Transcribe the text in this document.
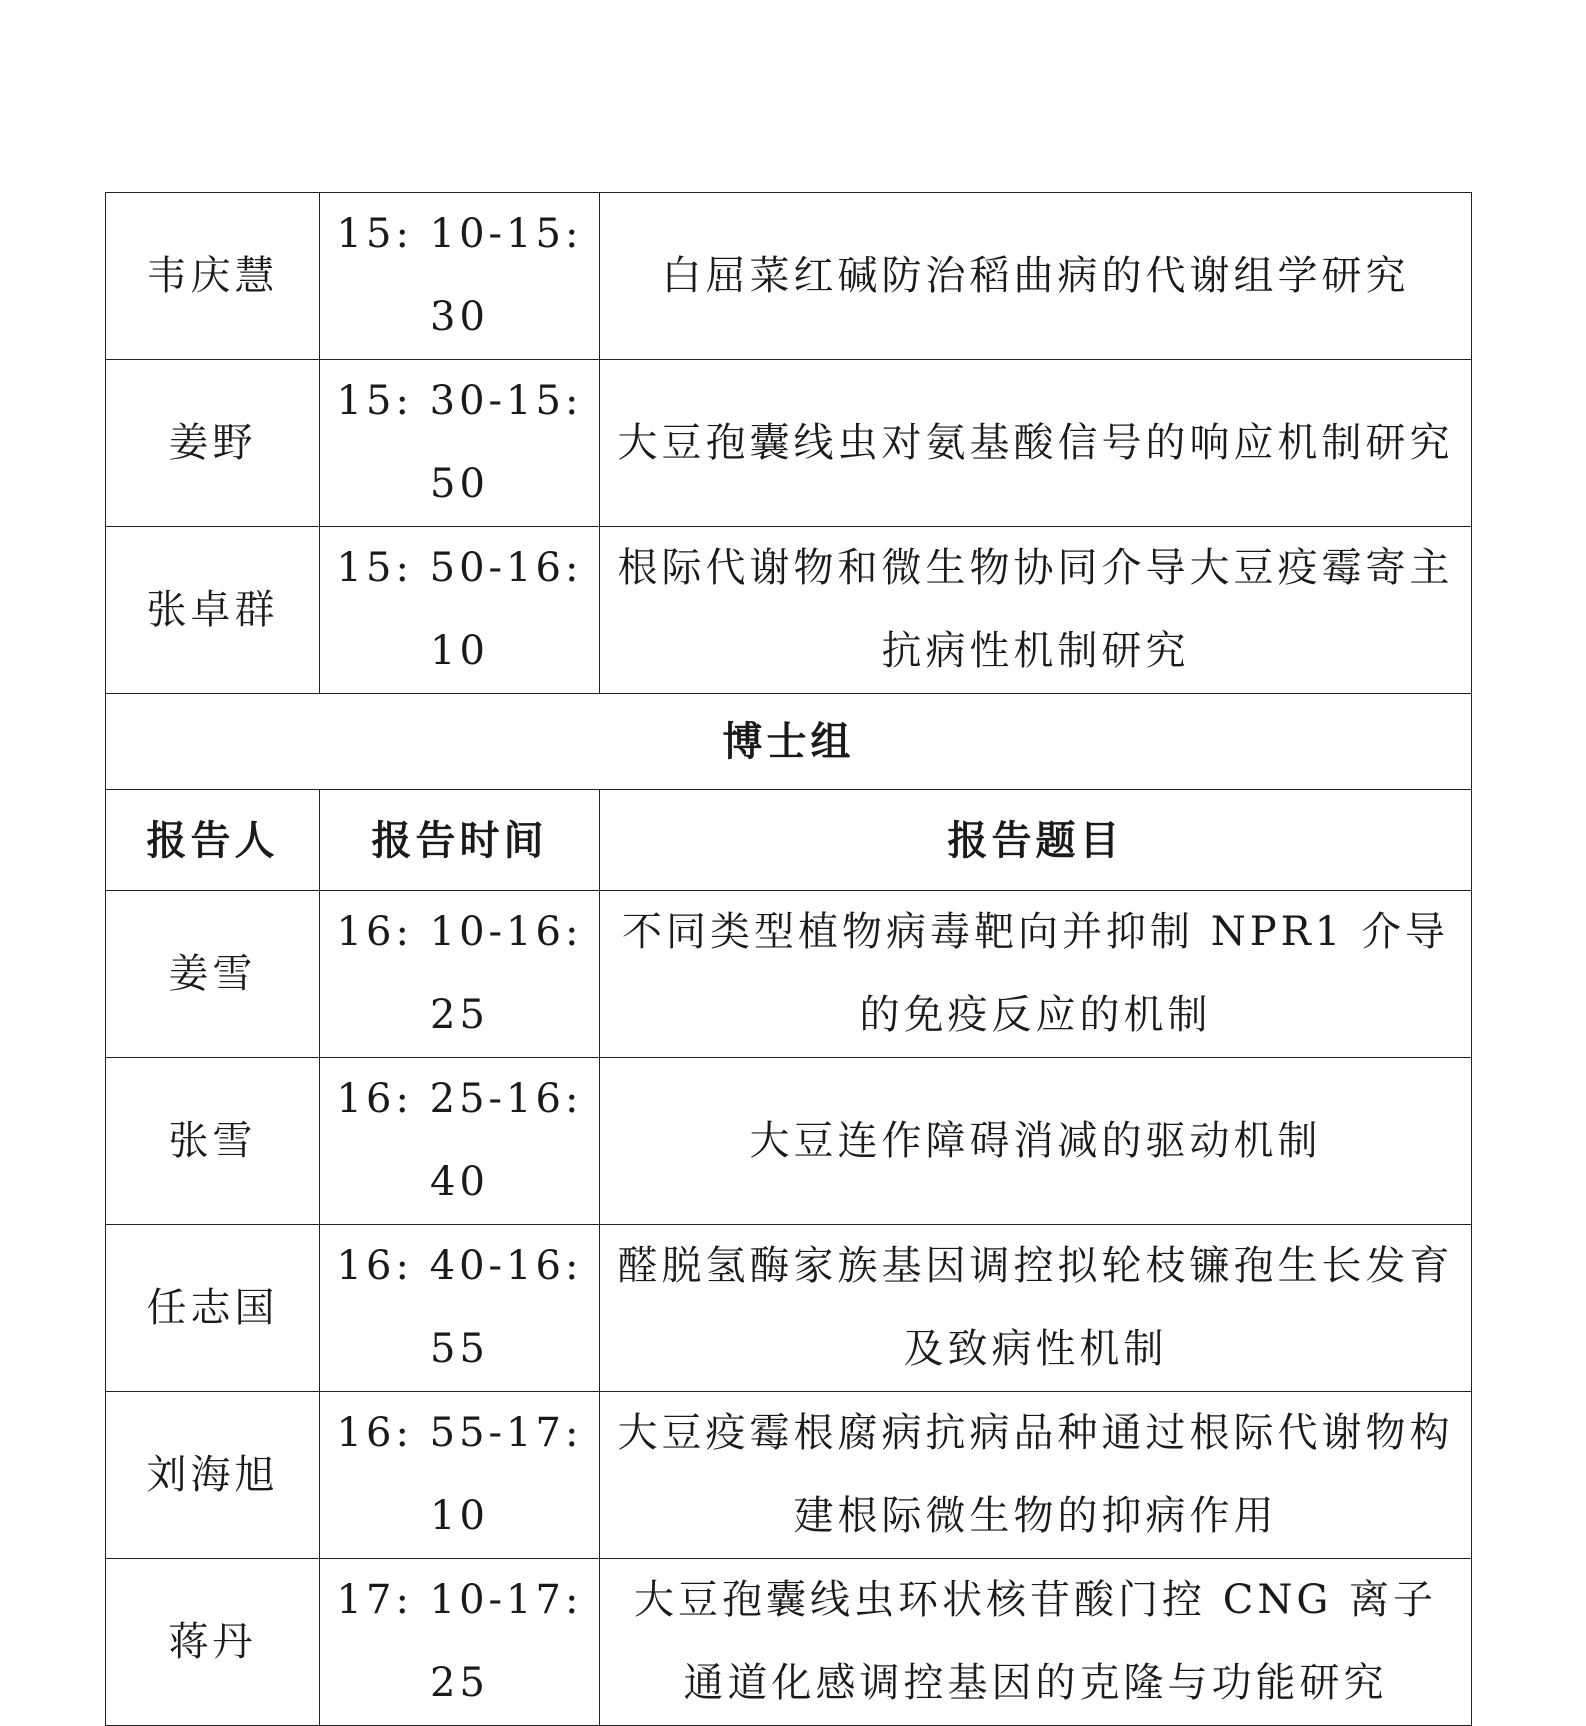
韦庆慧	15: 10-15: 30	白屈菜红碱防治稻曲病的代谢组学研究
姜野	15: 30-15: 50	大豆孢囊线虫对氨基酸信号的响应机制研究
张卓群	15: 50-16: 10	根际代谢物和微生物协同介导大豆疫霉寄主抗病性机制研究
博士组		
报告人	报告时间	报告题目
姜雪	16: 10-16: 25	不同类型植物病毒靶向并抑制 NPR1 介导的免疫反应的机制
张雪	16: 25-16: 40	大豆连作障碍消减的驱动机制
任志国	16: 40-16: 55	醛脱氢酶家族基因调控拟轮枝镰孢生长发育及致病性机制
刘海旭	16: 55-17: 10	大豆疫霉根腐病抗病品种通过根际代谢物构建根际微生物的抑病作用
蒋丹	17: 10-17: 25	大豆孢囊线虫环状核苷酸门控 CNG 离子通道化感调控基因的克隆与功能研究
